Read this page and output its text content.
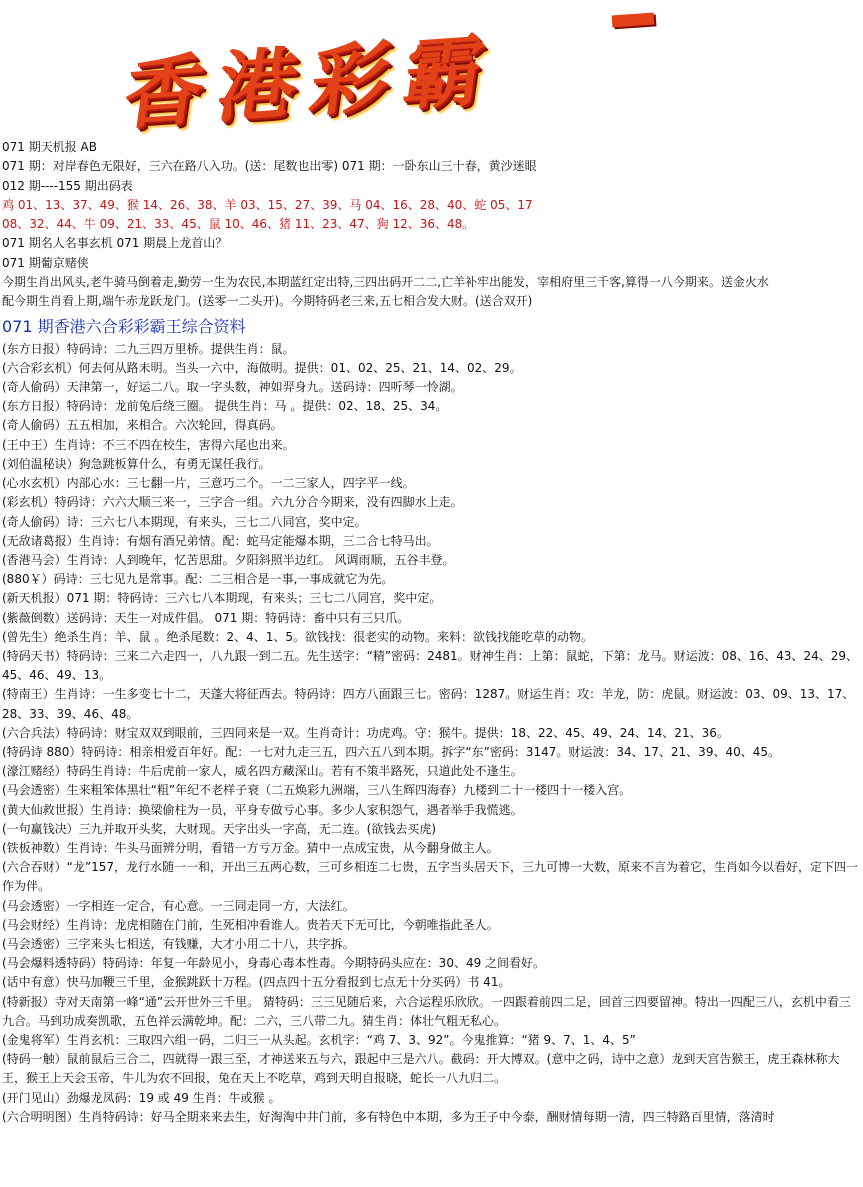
香港彩霸
071 期天机报 AB
071 期：对岸春色无限好，三六在路八入功。(送：尾数也出零) 071 期：一卧东山三十春，黄沙迷眼
012 期----155 期出码表
鸡 01、13、37、49、猴 14、26、38、羊 03、15、27、39、马 04、16、28、40、蛇 05、17
08、32、44、牛 09、21、33、45、鼠 10、46、猪 11、23、47、狗 12、36、48。
071 期名人名事玄机 071 期晨上龙首山？
071 期葡京赌侠
今期生肖出风头,老牛骑马倒着走,勤劳一生为农民,本期蓝红定出特,三四出码开二二,亡羊补牢出能发，宰相府里三千客,算得一八今期来。送金火水
配今期生肖看上期,端午赤龙跃龙门。(送零一二头开)。今期特码老三来,五七相合发大财。(送合双开)
071 期香港六合彩彩霸王综合资料
(东方日报）特码诗：二九三四万里桥。提供生肖：鼠。
(六合彩玄机）何去何从路未明。当头一六中，海做明。提供：01、02、25、21、14、02、29。
(奇人偷码）天津第一，好运二八。取一字头数，神如羿身九。送码诗：四听琴一怜湖。
(东方日报）特码诗：龙前兔后绕三圈。 提供生肖：马 。提供：02、18、25、34。
(奇人偷码）五五相加，来相合。六次轮回，得真码。
(王中王）生肖诗：不三不四在校生，害得六尾也出来。
(刘伯温秘诀）狗急跳板算什么，有勇无谋任我行。
(心水玄机）内部心水：三七翻一片，三意巧二个。一二三家人，四字平一线。
(彩玄机）特码诗：六六大顺三来一，三字合一组。六九分合今期来，没有四脚水上走。
(奇人偷码）诗：三六七八本期现，有来头，三七二八同宫，奖中定。
(无敌诸葛报）生肖诗：有烟有酒兄弟情。配：蛇马定能爆本期，三二合七特马出。
(香港马会）生肖诗：人到晚年，忆苦思甜。夕阳斜照半边红。 风调雨顺，五谷丰登。
(880￥）码诗：三七见九是常事。配：二三相合是一事,一事成就它为先。
(新天机报）071 期：特码诗：三六七八本期现，有来头；三七二八同宫，奖中定。
(紫薇倒数）送码诗：天生一对成件倡。 071 期：特码诗：畜中只有三只爪。
(曾先生）绝杀生肖：羊、鼠 。绝杀尾数：2、4、1、5。欲钱找：很老实的动物。来料：欲钱找能吃草的动物。
(特码天书）特码诗：三来二六走四一，八九跟一到二五。先生送字：“精”密码：2481。财神生肖：上第：鼠蛇，下第：龙马。财运波：08、16、43、24、29、45、46、49、13。
(特南王）生肖诗：一生多变七十二，天蓬大将征西去。特码诗：四方八面跟三七。密码：1287。财运生肖：攻：羊龙，防：虎鼠。财运波：03、09、13、17、28、33、39、46、48。
(六合兵法）特码诗：财宝双双到眼前，三四同来是一双。生肖奇计：功虎鸡。守：猴牛。提供：18、22、45、49、24、14、21、36。
(特码诗 880）特码诗：相亲相爱百年好。配：一七对九走三五，四六五八到本期。拆字“东”密码：3147。财运波：34、17、21、39、40、45。
(濠江赌经）特码生肖诗：牛后虎前一家人，威名四方藏深山。若有不策半路死，只道此处不逢生。
(马会透密）生来粗笨体黑壮“粗”年纪不老样子衰（二五焕彩九洲端，三八生辉四海春）九楼到二十一楼四十一楼入宫。
(黄大仙救世报）生肖诗：换梁偷柱为一员，平身专做亏心事。多少人家积怨气，遇者举手我慌逃。
(一句赢钱决）三九并取开头奖，大财现。天字出头一字高，无二连。(欲钱去买虎)
(铁板神数）生肖诗：牛头马面辨分明，看错一方亏万金。猜中一点成宝贵，从今翻身做主人。
(六合吞财）“龙”157，龙行水随一一和，开出三五两心数，三可乡相连二七贵，五字当头居天下，三九可博一大数，原来不言为着它，生肖如今以看好，定下四一作为伴。
(马会透密）一字相连一定合，有心意。一三同走同一方，大法红。
(马会财经）生肖诗：龙虎相随在门前，生死相冲看谁人。贵若天下无可比，今朝唯指此圣人。
(马会透密）三字来头七相送，有钱赚，大才小用二十八，共字拆。
(马会爆料透特码）特码诗：年复一年龄见小，身毒心毒本性毒。今期特码头应在：30、49 之间看好。
(话中有意）快马加鞭三千里，金猴跳跃十万程。(四点四十五分看报到七点无十分买码）书 41。
(特新报）寺对天南第一峰“通”云开世外三千里。 猜特码：三三见随后来，六合运程乐欣欣。一四跟着前四二足，回首三四要留神。特出一四配三八，玄机中看三九合。马到功成奏凯歌，五色祥云满乾坤。配：二六，三八带二九。猜生肖：体壮气粗无私心。
(金鬼将军）生肖玄机：三取四六组一码，二归三一从头起。玄机字：“鸡 7、3、92”。今鬼推算：“猪 9、7、1、4、5”
(特码一触）鼠前鼠后三合二，四就得一跟三至，才神送来五与六，跟起中三是六八。截码：开大博双。(意中之码，诗中之意）龙到天宫告猴王，虎王森林称大王，猴王上天会玉帝，牛儿为农不回报，兔在天上不吃草，鸡到天明自报晓，蛇长一八九归二。
(开门见山）劲爆龙凤码：19 或 49 生肖：牛或猴 。
(六合明明图）生肖特码诗：好马全期来来去生，好淘淘中井门前，多有特色中本期，多为王子中今泰，酬财情每期一清，四三特路百里情，落清时
